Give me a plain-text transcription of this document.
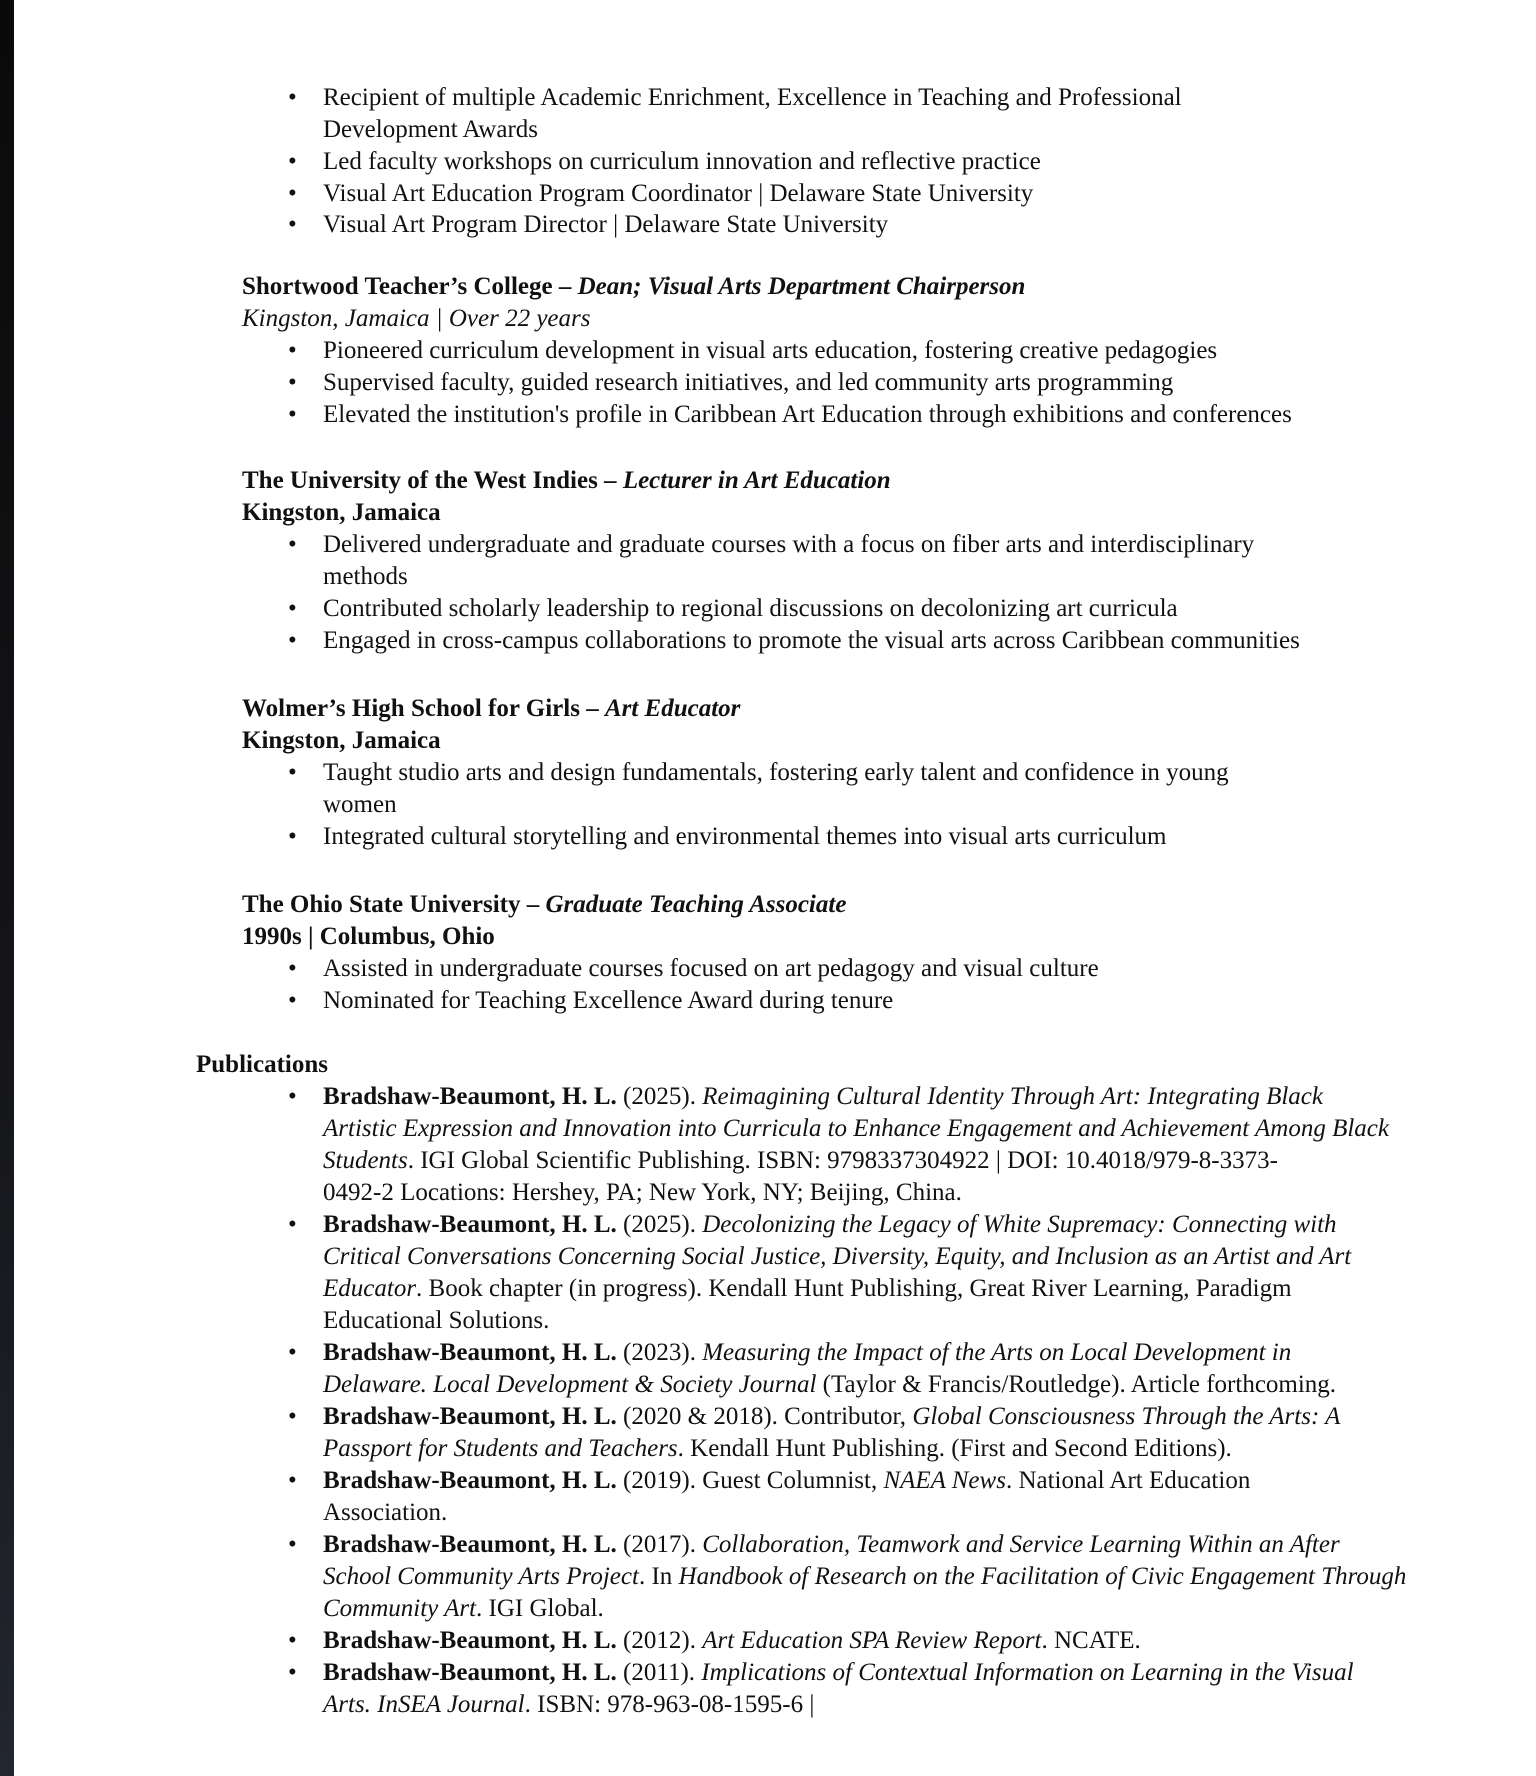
• Recipient of multiple Academic Enrichment, Excellence in Teaching and Professional
Development Awards
• Led faculty workshops on curriculum innovation and reflective practice
• Visual Art Education Program Coordinator | Delaware State University
• Visual Art Program Director | Delaware State University
Shortwood Teacher’s College – Dean; Visual Arts Department Chairperson
Kingston, Jamaica | Over 22 years
• Pioneered curriculum development in visual arts education, fostering creative pedagogies
• Supervised faculty, guided research initiatives, and led community arts programming
• Elevated the institution's profile in Caribbean Art Education through exhibitions and conferences
The University of the West Indies – Lecturer in Art Education
Kingston, Jamaica
• Delivered undergraduate and graduate courses with a focus on fiber arts and interdisciplinary
methods
• Contributed scholarly leadership to regional discussions on decolonizing art curricula
• Engaged in cross-campus collaborations to promote the visual arts across Caribbean communities
Wolmer’s High School for Girls – Art Educator
Kingston, Jamaica
• Taught studio arts and design fundamentals, fostering early talent and confidence in young
women
• Integrated cultural storytelling and environmental themes into visual arts curriculum
The Ohio State University – Graduate Teaching Associate
1990s | Columbus, Ohio
• Assisted in undergraduate courses focused on art pedagogy and visual culture
• Nominated for Teaching Excellence Award during tenure
Publications
• Bradshaw-Beaumont, H. L. (2025). Reimagining Cultural Identity Through Art: Integrating Black
Artistic Expression and Innovation into Curricula to Enhance Engagement and Achievement Among Black
Students. IGI Global Scientific Publishing. ISBN: 9798337304922 | DOI: 10.4018/979-8-3373-
0492-2 Locations: Hershey, PA; New York, NY; Beijing, China.
• Bradshaw-Beaumont, H. L. (2025). Decolonizing the Legacy of White Supremacy: Connecting with
Critical Conversations Concerning Social Justice, Diversity, Equity, and Inclusion as an Artist and Art
Educator. Book chapter (in progress). Kendall Hunt Publishing, Great River Learning, Paradigm
Educational Solutions.
• Bradshaw-Beaumont, H. L. (2023). Measuring the Impact of the Arts on Local Development in
Delaware. Local Development & Society Journal (Taylor & Francis/Routledge). Article forthcoming.
• Bradshaw-Beaumont, H. L. (2020 & 2018). Contributor, Global Consciousness Through the Arts: A
Passport for Students and Teachers. Kendall Hunt Publishing. (First and Second Editions).
• Bradshaw-Beaumont, H. L. (2019). Guest Columnist, NAEA News. National Art Education
Association.
• Bradshaw-Beaumont, H. L. (2017). Collaboration, Teamwork and Service Learning Within an After
School Community Arts Project. In Handbook of Research on the Facilitation of Civic Engagement Through
Community Art. IGI Global.
• Bradshaw-Beaumont, H. L. (2012). Art Education SPA Review Report. NCATE.
• Bradshaw-Beaumont, H. L. (2011). Implications of Contextual Information on Learning in the Visual
Arts. InSEA Journal. ISBN: 978-963-08-1595-6 |
